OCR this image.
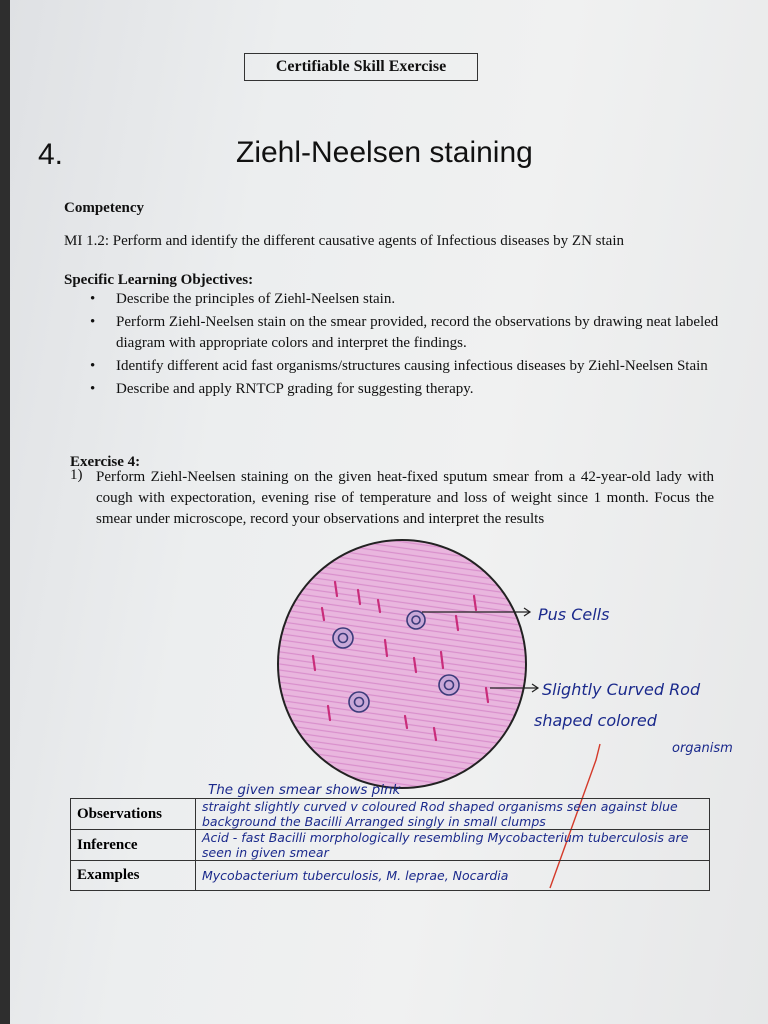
Certifiable Skill Exercise
4.	Ziehl-Neelsen staining
Competency
MI 1.2: Perform and identify the different causative agents of Infectious diseases by ZN stain
Specific Learning Objectives:
• Describe the principles of Ziehl-Neelsen stain.
• Perform Ziehl-Neelsen stain on the smear provided, record the observations by drawing neat labeled diagram with appropriate colors and interpret the findings.
• Identify different acid fast organisms/structures causing infectious diseases by Ziehl-Neelsen Stain
• Describe and apply RNTCP grading for suggesting therapy.
Exercise 4:
1) Perform Ziehl-Neelsen staining on the given heat-fixed sputum smear from a 42-year-old lady with cough with expectoration, evening rise of temperature and loss of weight since 1 month. Focus the smear under microscope, record your observations and interpret the results
Pus Cells
Slightly Curved Rod
shaped colored
organism
The given smear shows pink
Observations	straight slightly curved v coloured Rod shaped organisms seen against blue background the Bacilli Arranged singly in small clumps
Inference	Acid - fast Bacilli morphologically resembling Mycobacterium tuberculosis are seen in given smear
Examples	Mycobacterium tuberculosis, M. leprae, Nocardia
